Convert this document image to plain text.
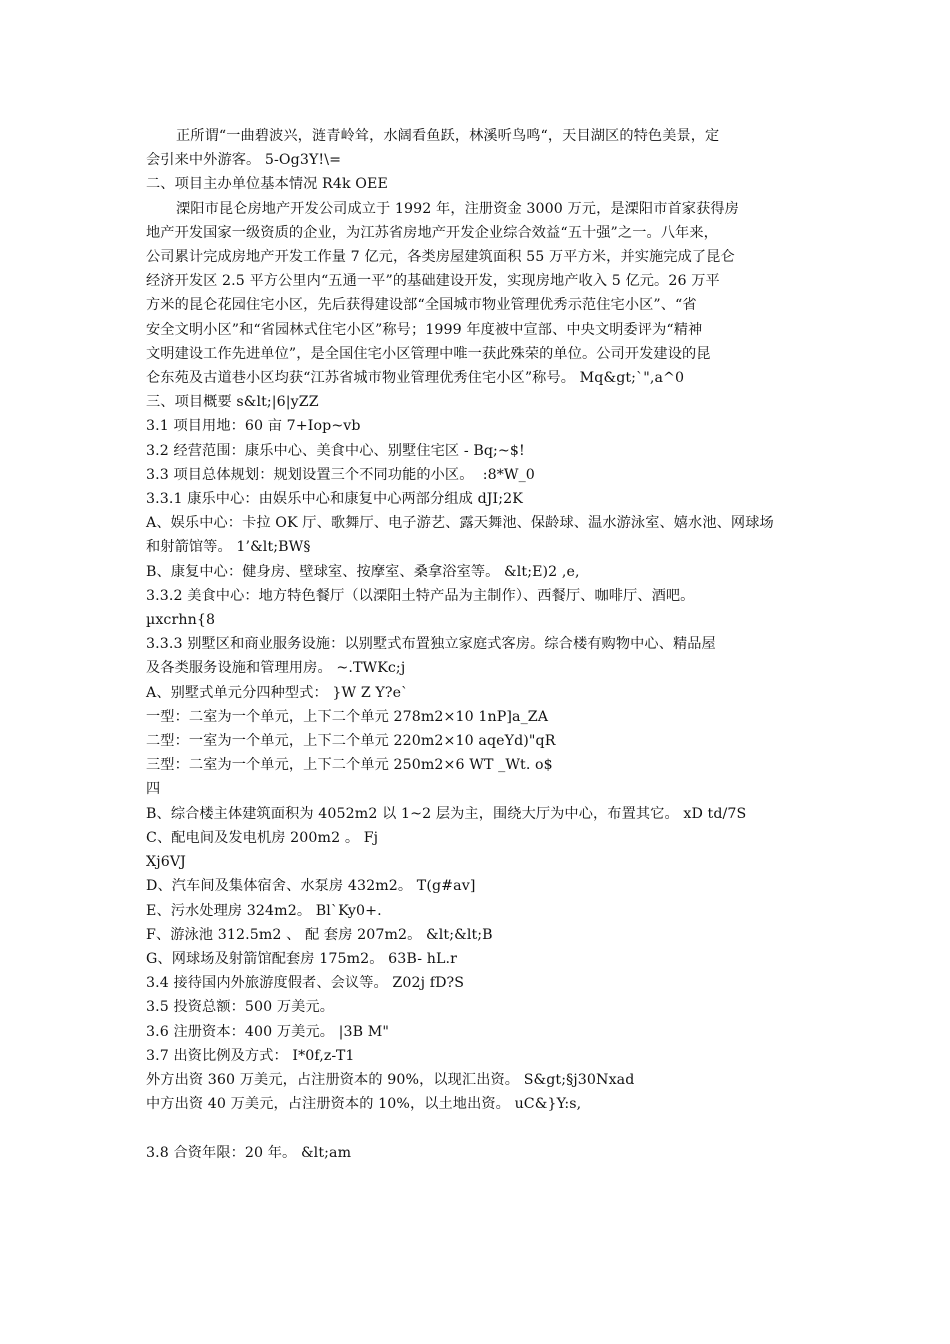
正所谓“一曲碧波兴，涟青岭耸，水阔看鱼跃，林溪听鸟鸣“，天目湖区的特色美景，定
会引来中外游客。 5-Og3Y!\=
二、项目主办单位基本情况 R4k OEE
溧阳市昆仑房地产开发公司成立于 1992 年，注册资金 3000 万元，是溧阳市首家获得房
地产开发国家一级资质的企业，为江苏省房地产开发企业综合效益“五十强”之一。八年来，
公司累计完成房地产开发工作量 7 亿元，各类房屋建筑面积 55 万平方米，并实施完成了昆仑
经济开发区 2.5 平方公里内“五通一平”的基础建设开发，实现房地产收入 5 亿元。26 万平
方米的昆仑花园住宅小区，先后获得建设部“全国城市物业管理优秀示范住宅小区”、“省
安全文明小区”和“省园林式住宅小区”称号；1999 年度被中宣部、中央文明委评为“精神
文明建设工作先进单位”，是全国住宅小区管理中唯一获此殊荣的单位。公司开发建设的昆
仑东苑及古道巷小区均获“江苏省城市物业管理优秀住宅小区”称号。 Mq&gt;`",a^0
三、项目概要 s&lt;|6|yZZ
3.1 项目用地：60 亩 7+Iop~vb
3.2 经营范围：康乐中心、美食中心、别墅住宅区 - Bq;~$!
3.3 项目总体规划：规划设置三个不同功能的小区。  :8*W_0
3.3.1 康乐中心：由娱乐中心和康复中心两部分组成 dJI;2K
A、娱乐中心：卡拉 OK 厅、歌舞厅、电子游艺、露天舞池、保龄球、温水游泳室、嬉水池、网球场
和射箭馆等。 1’&lt;BW§
B、康复中心：健身房、壁球室、按摩室、桑拿浴室等。 &lt;E)2 ,e,
3.3.2 美食中心：地方特色餐厅（以溧阳土特产品为主制作）、西餐厅、咖啡厅、酒吧。
µxcrhn{8
3.3.3 别墅区和商业服务设施：以别墅式布置独立家庭式客房。综合楼有购物中心、精品屋
及各类服务设施和管理用房。 ~.TWKc;j
A、别墅式单元分四种型式： }W Z Y?e`
一型：二室为一个单元，上下二个单元 278m2×10 1nP]a_ZA
二型：一室为一个单元，上下二个单元 220m2×10 aqeYd)"qR
三型：二室为一个单元，上下二个单元 250m2×6 WT _Wt. o$
四
B、综合楼主体建筑面积为 4052m2 以 1~2 层为主，围绕大厅为中心，布置其它。 xD td/7S
C、配电间及发电机房 200m2 。 Fj
Xj6VJ
D、汽车间及集体宿舍、水泵房 432m2。 T(g#av]
E、污水处理房 324m2。 Bl`Ky0+.
F、游泳池 312.5m2 、 配 套房 207m2。 &lt;&lt;B
G、网球场及射箭馆配套房 175m2。 63B- hL.r
3.4 接待国内外旅游度假者、会议等。 Z02j fD?S
3.5 投资总额：500 万美元。
3.6 注册资本：400 万美元。 |3B M"
3.7 出资比例及方式： I*0f,z-T1
外方出资 360 万美元，占注册资本的 90%，以现汇出资。 S&gt;§j30Nxad
中方出资 40 万美元，占注册资本的 10%，以土地出资。 uC&}Y:s,
3.8 合资年限：20 年。 &lt;am
